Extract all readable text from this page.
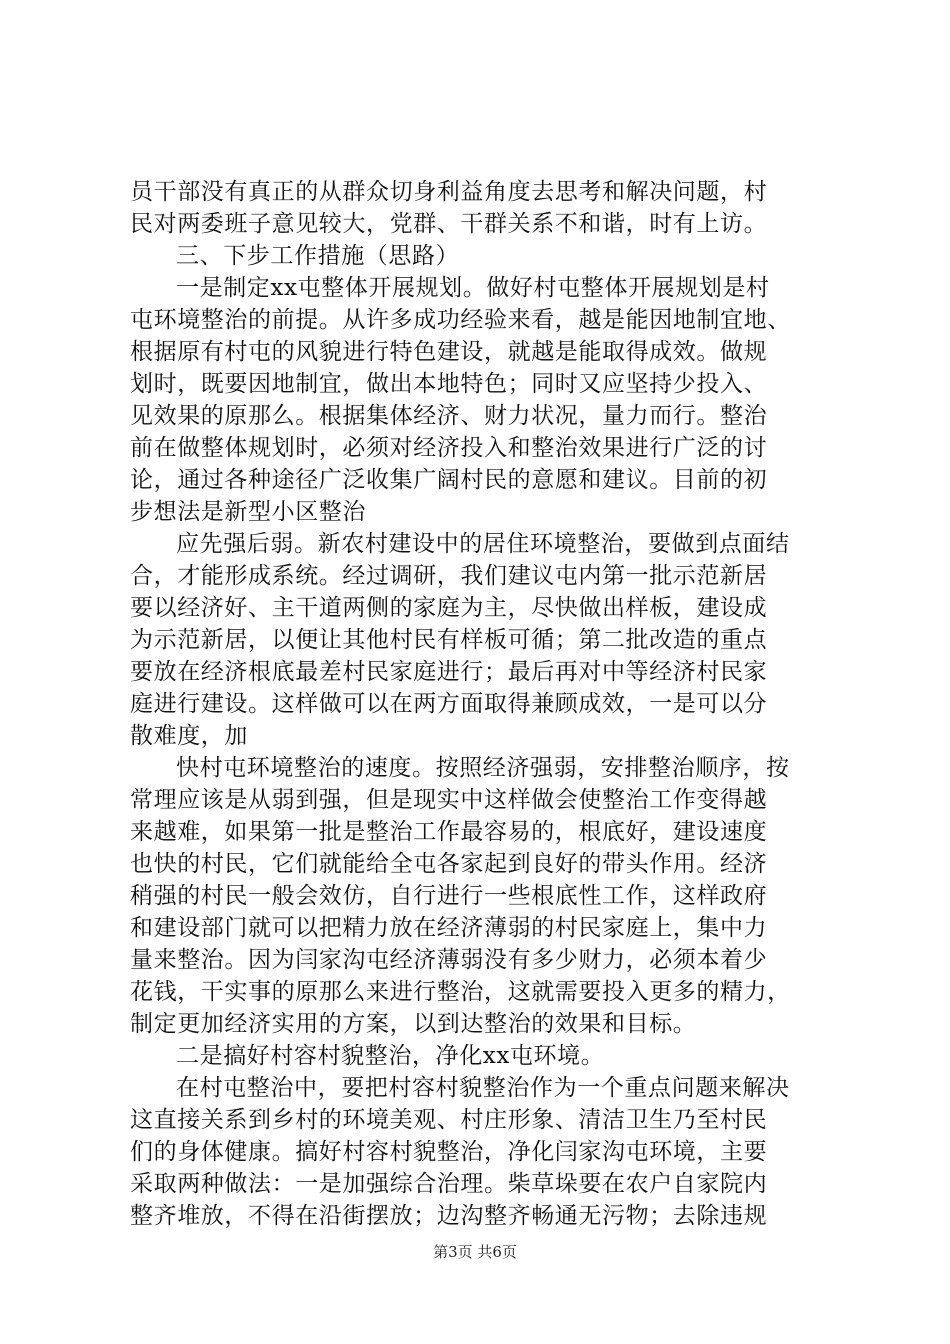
员干部没有真正的从群众切身利益角度去思考和解决问题，村
民对两委班子意见较大，党群、干群关系不和谐，时有上访。
三、下步工作措施（思路）
一是制定xx屯整体开展规划。做好村屯整体开展规划是村
屯环境整治的前提。从许多成功经验来看，越是能因地制宜地、
根据原有村屯的风貌进行特色建设，就越是能取得成效。做规
划时，既要因地制宜，做出本地特色；同时又应坚持少投入、
见效果的原那么。根据集体经济、财力状况，量力而行。整治
前在做整体规划时，必须对经济投入和整治效果进行广泛的讨
论，通过各种途径广泛收集广阔村民的意愿和建议。目前的初
步想法是新型小区整治
应先强后弱。新农村建设中的居住环境整治，要做到点面结
合，才能形成系统。经过调研，我们建议屯内第一批示范新居
要以经济好、主干道两侧的家庭为主，尽快做出样板，建设成
为示范新居，以便让其他村民有样板可循；第二批改造的重点
要放在经济根底最差村民家庭进行；最后再对中等经济村民家
庭进行建设。这样做可以在两方面取得兼顾成效，一是可以分
散难度，加
快村屯环境整治的速度。按照经济强弱，安排整治顺序，按
常理应该是从弱到强，但是现实中这样做会使整治工作变得越
来越难，如果第一批是整治工作最容易的，根底好，建设速度
也快的村民，它们就能给全屯各家起到良好的带头作用。经济
稍强的村民一般会效仿，自行进行一些根底性工作，这样政府
和建设部门就可以把精力放在经济薄弱的村民家庭上，集中力
量来整治。因为闫家沟屯经济薄弱没有多少财力，必须本着少
花钱，干实事的原那么来进行整治，这就需要投入更多的精力，
制定更加经济实用的方案，以到达整治的效果和目标。
二是搞好村容村貌整治，净化xx屯环境。
在村屯整治中，要把村容村貌整治作为一个重点问题来解决
这直接关系到乡村的环境美观、村庄形象、清洁卫生乃至村民
们的身体健康。搞好村容村貌整治，净化闫家沟屯环境，主要
采取两种做法：一是加强综合治理。柴草垛要在农户自家院内
整齐堆放，不得在沿街摆放；边沟整齐畅通无污物；去除违规
第3页 共6页
